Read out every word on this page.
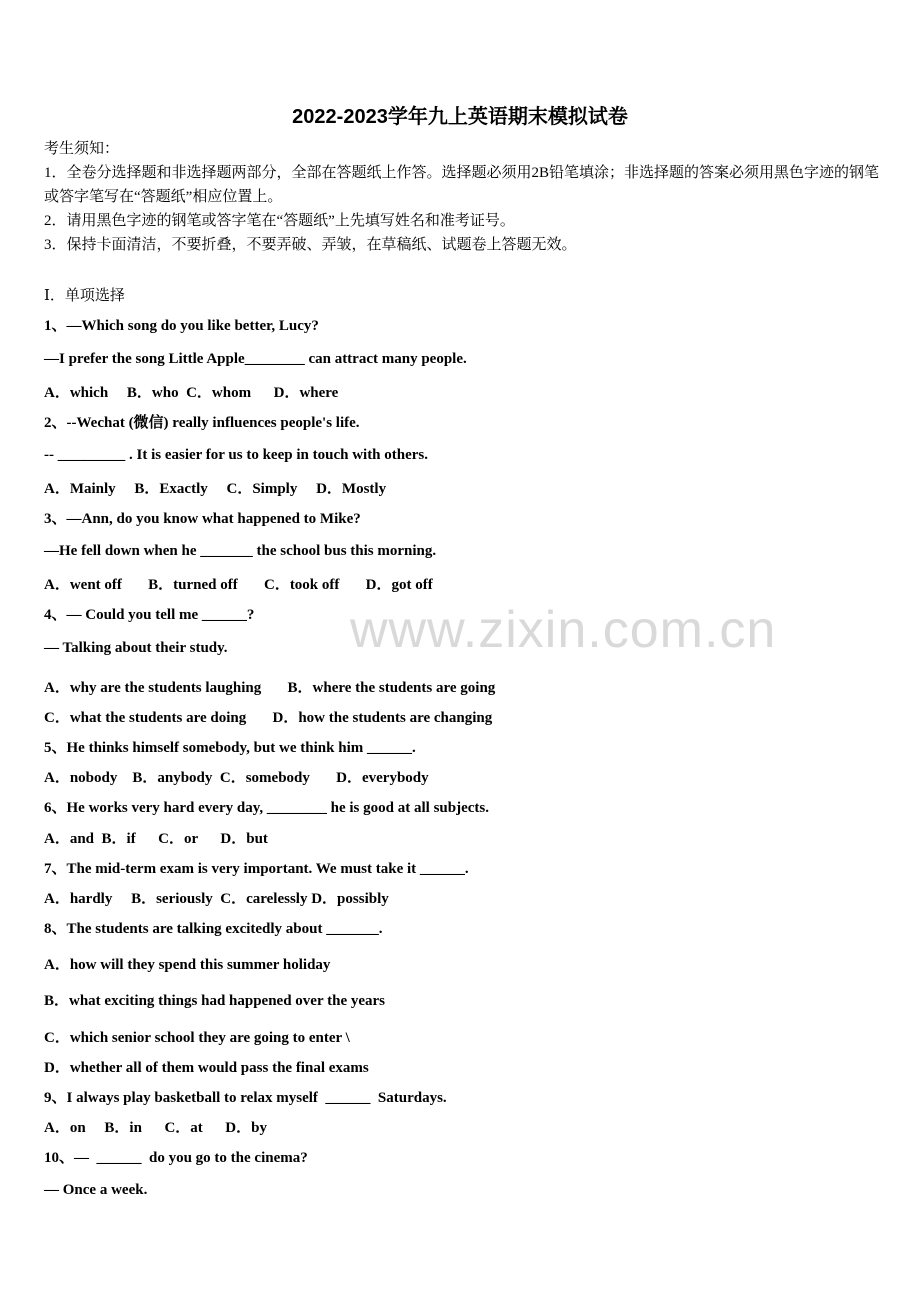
www.zixin.com.cn
2022-2023学年九上英语期末模拟试卷
考生须知：
1．全卷分选择题和非选择题两部分，全部在答题纸上作答。选择题必须用2B铅笔填涂；非选择题的答案必须用黑色字迹的钢笔或答字笔写在“答题纸”相应位置上。
2．请用黑色字迹的钢笔或答字笔在“答题纸”上先填写姓名和准考证号。
3．保持卡面清洁，不要折叠，不要弄破、弄皱，在草稿纸、试题卷上答题无效。
Ⅰ．单项选择
1、—Which song do you like better, Lucy?
—I prefer the song Little Apple________ can attract many people.
A．which     B．who  C．whom      D．where
2、--Wechat (微信) really influences people's life.
-- _________ . It is easier for us to keep in touch with others.
A．Mainly     B．Exactly     C．Simply     D．Mostly
3、—Ann, do you know what happened to Mike?
—He fell down when he _______ the school bus this morning.
A．went off       B．turned off       C．took off       D．got off
4、— Could you tell me ______?
— Talking about their study.
A．why are the students laughing       B．where the students are going
C．what the students are doing       D．how the students are changing
5、He thinks himself somebody, but we think him ______.
A．nobody    B．anybody  C．somebody       D．everybody
6、He works very hard every day, ________ he is good at all subjects.
A．and  B．if      C．or      D．but
7、The mid-term exam is very important. We must take it ______.
A．hardly     B．seriously  C．carelessly D．possibly
8、The students are talking excitedly about _______.
A．how will they spend this summer holiday
B．what exciting things had happened over the years
C．which senior school they are going to enter \
D．whether all of them would pass the final exams
9、I always play basketball to relax myself  ______  Saturdays.
A．on     B．in      C．at      D．by
10、—  ______  do you go to the cinema?
— Once a week.
